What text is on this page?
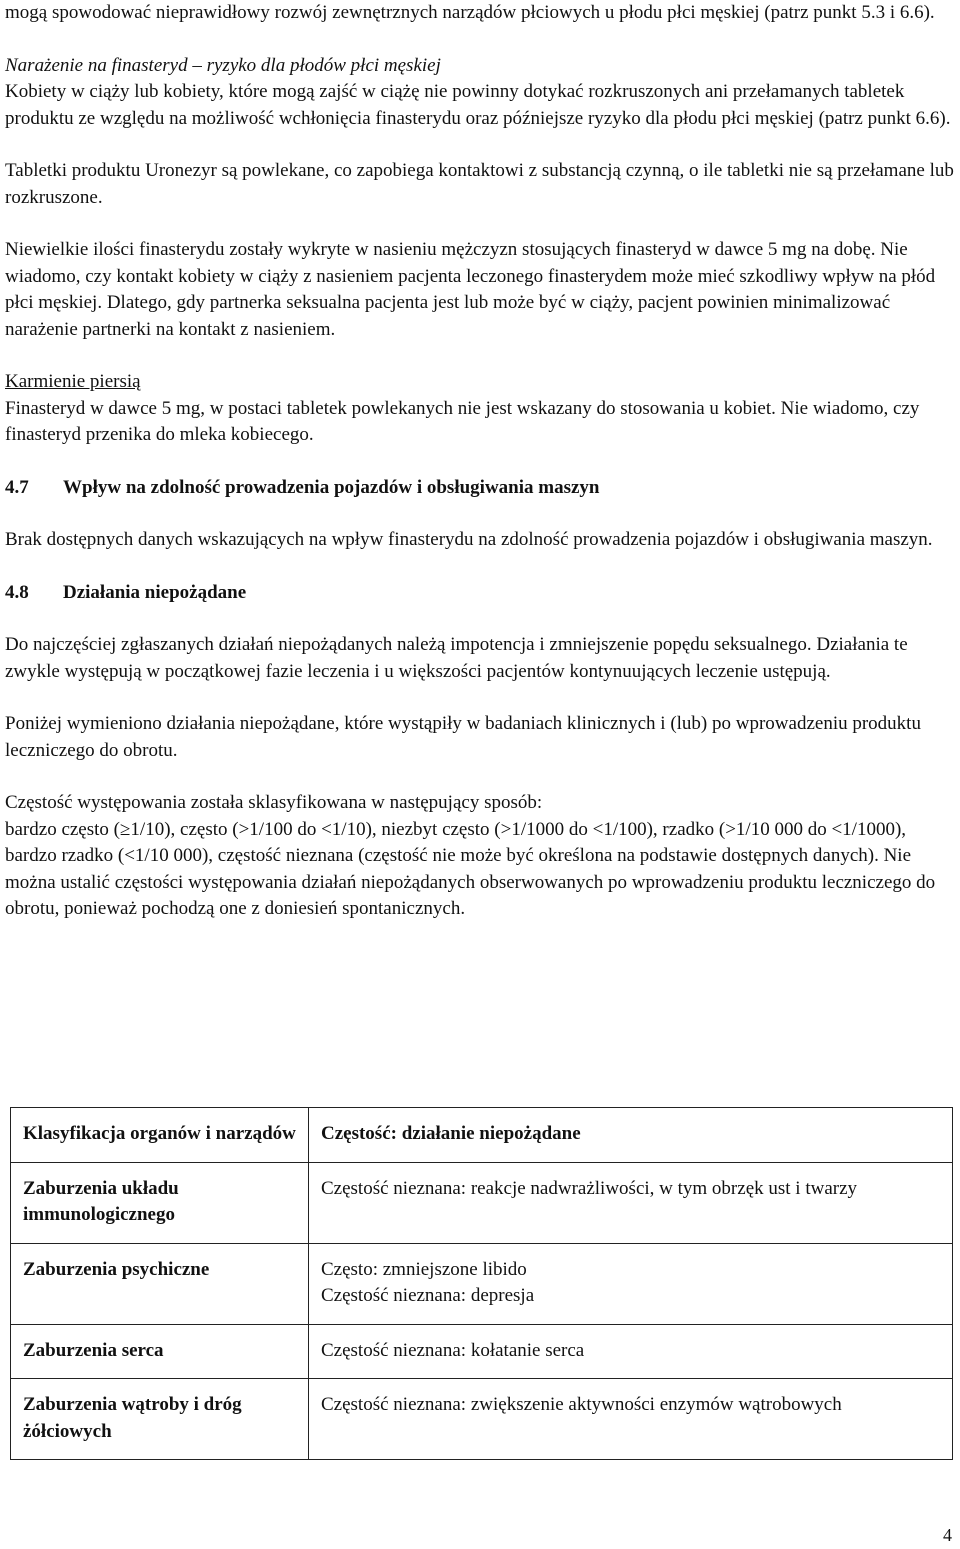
mogą spowodować nieprawidłowy rozwój zewnętrznych narządów płciowych u płodu płci męskiej (patrz punkt 5.3 i 6.6).

Narażenie na finasteryd – ryzyko dla płodów płci męskiej

Kobiety w ciąży lub kobiety, które mogą zajść w ciążę nie powinny dotykać rozkruszonych ani przełamanych tabletek produktu ze względu na możliwość wchłonięcia finasterydu oraz późniejsze ryzyko dla płodu płci męskiej (patrz punkt 6.6).

Tabletki produktu Uronezyr są powlekane, co zapobiega kontaktowi z substancją czynną, o ile tabletki nie są przełamane lub rozkruszone.

Niewielkie ilości finasterydu zostały wykryte w nasieniu mężczyzn stosujących finasteryd w dawce 5 mg na dobę. Nie wiadomo, czy kontakt kobiety w ciąży z nasieniem pacjenta leczonego finasterydem może mieć szkodliwy wpływ na płód płci męskiej. Dlatego, gdy partnerka seksualna pacjenta jest lub może być w ciąży, pacjent powinien minimalizować narażenie partnerki na kontakt z nasieniem.

Karmienie piersią

Finasteryd w dawce 5 mg, w postaci tabletek powlekanych nie jest wskazany do stosowania u kobiet. Nie wiadomo, czy finasteryd przenika do mleka kobiecego.

4.7 Wpływ na zdolność prowadzenia pojazdów i obsługiwania maszyn

Brak dostępnych danych wskazujących na wpływ finasterydu na zdolność prowadzenia pojazdów i obsługiwania maszyn.

4.8 Działania niepożądane

Do najczęściej zgłaszanych działań niepożądanych należą impotencja i zmniejszenie popędu seksualnego. Działania te zwykle występują w początkowej fazie leczenia i u większości pacjentów kontynuujących leczenie ustępują.

Poniżej wymieniono działania niepożądane, które wystąpiły w badaniach klinicznych i (lub) po wprowadzeniu produktu leczniczego do obrotu.

Częstość występowania została sklasyfikowana w następujący sposób:

bardzo często (≥1/10), często (>1/100 do <1/10), niezbyt często (>1/1000 do <1/100), rzadko (>1/10 000 do <1/1000), bardzo rzadko (<1/10 000), częstość nieznana (częstość nie może być określona na podstawie dostępnych danych). Nie można ustalić częstości występowania działań niepożądanych obserwowanych po wprowadzeniu produktu leczniczego do obrotu, ponieważ pochodzą one z doniesień spontanicznych.

Klasyfikacja organów i narządów	Częstość: działanie niepożądane
Zaburzenia układu immunologicznego	Częstość nieznana: reakcje nadwrażliwości, w tym obrzęk ust i twarzy
Zaburzenia psychiczne	Często: zmniejszone libido
Częstość nieznana: depresja
Zaburzenia serca	Częstość nieznana: kołatanie serca
Zaburzenia wątroby i dróg żółciowych	Częstość nieznana: zwiększenie aktywności enzymów wątrobowych
4
